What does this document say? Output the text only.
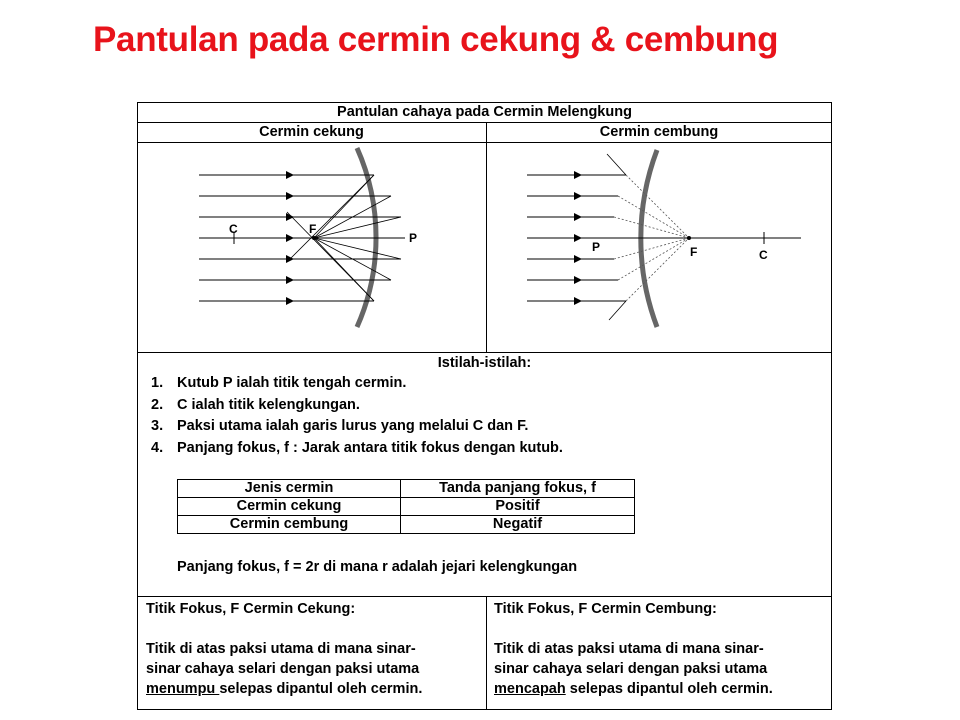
Pantulan pada cermin cekung & cembung
Pantulan cahaya pada Cermin Melengkung
Cermin cekung	Cermin cembung
C	F
P
P	F	C
Istilah-istilah:
1. Kutub P ialah titik tengah cermin.
2. C ialah titik kelengkungan.
3. Paksi utama ialah garis lurus yang melalui C dan F.
4. Panjang fokus, f : Jarak antara titik fokus dengan kutub.
Jenis cermin	Tanda panjang fokus, f
Cermin cekung	Positif
Cermin cembung	Negatif
Panjang fokus, f = 2r di mana r adalah jejari kelengkungan
Titik Fokus, F Cermin Cekung:
Titik di atas paksi utama di mana sinar-
sinar cahaya selari dengan paksi utama
menumpu selepas dipantul oleh cermin.
Titik Fokus, F Cermin Cembung:
Titik di atas paksi utama di mana sinar-
sinar cahaya selari dengan paksi utama
mencapah selepas dipantul oleh cermin.
